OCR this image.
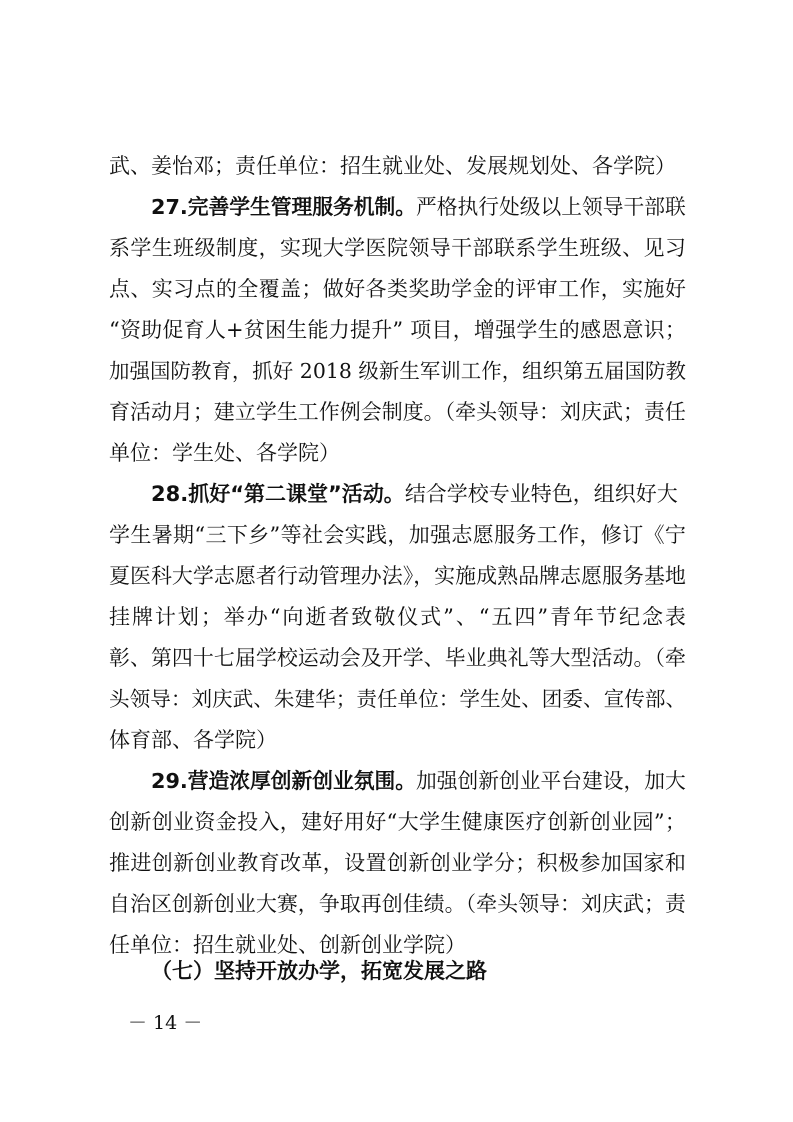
武、姜怡邓；责任单位：招生就业处、发展规划处、各学院）
27.完善学生管理服务机制。严格执行处级以上领导干部联
系学生班级制度，实现大学医院领导干部联系学生班级、见习
点、实习点的全覆盖；做好各类奖助学金的评审工作，实施好
“资助促育人+贫困生能力提升” 项目，增强学生的感恩意识；
加强国防教育，抓好 2018 级新生军训工作，组织第五届国防教
育活动月；建立学生工作例会制度。（牵头领导：刘庆武；责任
单位：学生处、各学院）
28.抓好“第二课堂”活动。结合学校专业特色，组织好大
学生暑期“三下乡”等社会实践，加强志愿服务工作，修订《宁
夏医科大学志愿者行动管理办法》，实施成熟品牌志愿服务基地
挂牌计划；举办“向逝者致敬仪式”、“五四”青年节纪念表
彰、第四十七届学校运动会及开学、毕业典礼等大型活动。（牵
头领导：刘庆武、朱建华；责任单位：学生处、团委、宣传部、
体育部、各学院）
29.营造浓厚创新创业氛围。加强创新创业平台建设，加大
创新创业资金投入，建好用好“大学生健康医疗创新创业园”；
推进创新创业教育改革，设置创新创业学分；积极参加国家和
自治区创新创业大赛，争取再创佳绩。（牵头领导：刘庆武；责
任单位：招生就业处、创新创业学院）
（七）坚持开放办学，拓宽发展之路
－ 14 －
